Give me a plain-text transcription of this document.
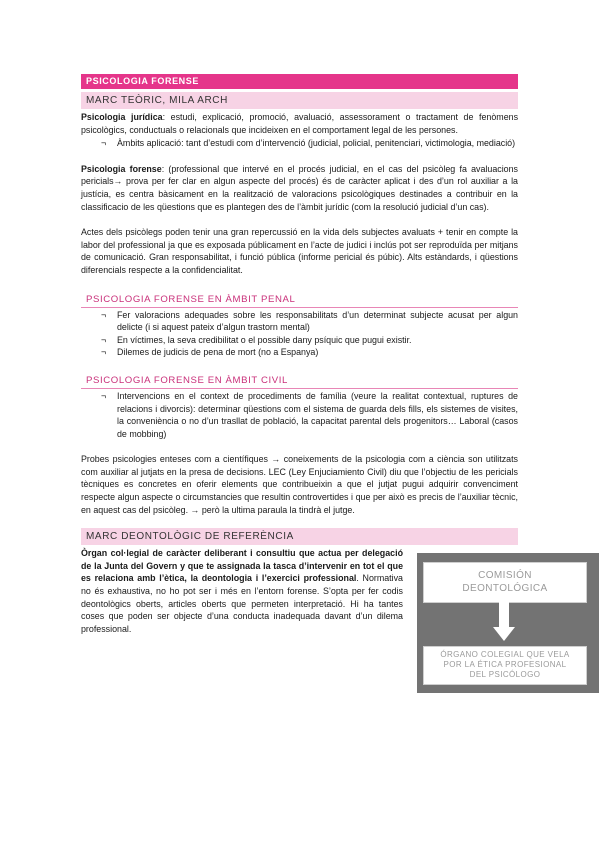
PSICOLOGIA FORENSE
MARC TEÒRIC, MILA ARCH

Psicologia jurídica: estudi, explicació, promoció, avaluació, assessorament o tractament de fenòmens psicològics, conductuals o relacionals que incideixen en el comportament legal de les persones.

¬ Àmbits aplicació: tant d’estudi com d’intervenció (judicial, policial, penitenciari, victimologia, mediació)

Psicologia forense: (professional que intervé en el procés judicial, en el cas del psicòleg fa avaluacions pericials→ prova per fer clar en algun aspecte del procés) és de caràcter aplicat i des d’un rol auxiliar a la justícia, es centra bàsicament en la realització de valoracions psicològiques destinades a contribuir en la classificacio de les qüestions que es plantegen des de l’àmbit jurídic (com la resolució judicial d’un cas).

Actes dels psicòlegs poden tenir una gran repercussió en la vida dels subjectes avaluats + tenir en compte la labor del professional ja que es exposada públicament en l’acte de judici i inclús pot ser reproduïda per mitjans de comunicació. Gran responsabilitat, i funció pública (informe pericial és púbic). Alts estàndards, i qüestions diferencials respecte a la confidencialitat.

PSICOLOGIA FORENSE EN ÀMBIT PENAL
¬ Fer valoracions adequades sobre les responsabilitats d’un determinat subjecte acusat per algun delicte (i si aquest pateix d’algun trastorn mental)
¬ En víctimes, la seva credibilitat o el possible dany psíquic que pugui existir.
¬ Dilemes de judicis de pena de mort (no a Espanya)
PSICOLOGIA FORENSE EN ÀMBIT CIVIL
¬ Intervencions en el context de procediments de família (veure la realitat contextual, ruptures de relacions i divorcis): determinar qüestions com el sistema de guarda dels fills, els sistemes de visites, la conveniència o no d’un trasllat de població, la capacitat parental dels progenitors… Laboral (casos de mobbing)

Probes psicologies enteses com a científiques → coneixements de la psicologia com a ciència son utilitzats com auxiliar al jutjats en la presa de decisions. LEC (Ley Enjuciamiento Civil) diu que l’objectiu de les pericials tècniques es concretes en oferir elements que contribueixin a que el jutjat pugui adquirir convenciment respecte algun aspecte o circumstancies que resultin controvertides i que per això es precis de l’auxiliar tècnic, en aquest cas del psicòleg. → però la ultima paraula la tindrà el jutge.

MARC DEONTOLÒGIC DE REFERÈNCIA

Òrgan col·legial de caràcter deliberant i consultiu que actua per delegació de la Junta del Govern y que te assignada la tasca d’intervenir en tot el que es relaciona amb l’ètica, la deontologia i l’exercici professional. Normativa no és exhaustiva, no ho pot ser i més en l’entorn forense. S’opta per fer codis deontològics oberts, articles oberts que permeten interpretació. Hi ha tantes coses que poden ser objecte d’una conducta inadequada davant d’un dilema professional.

COMISIÓN
DEONTOLÓGICA
ÓRGANO COLEGIAL QUE VELA
POR LA ÉTICA PROFESIONAL
DEL PSICÓLOGO
